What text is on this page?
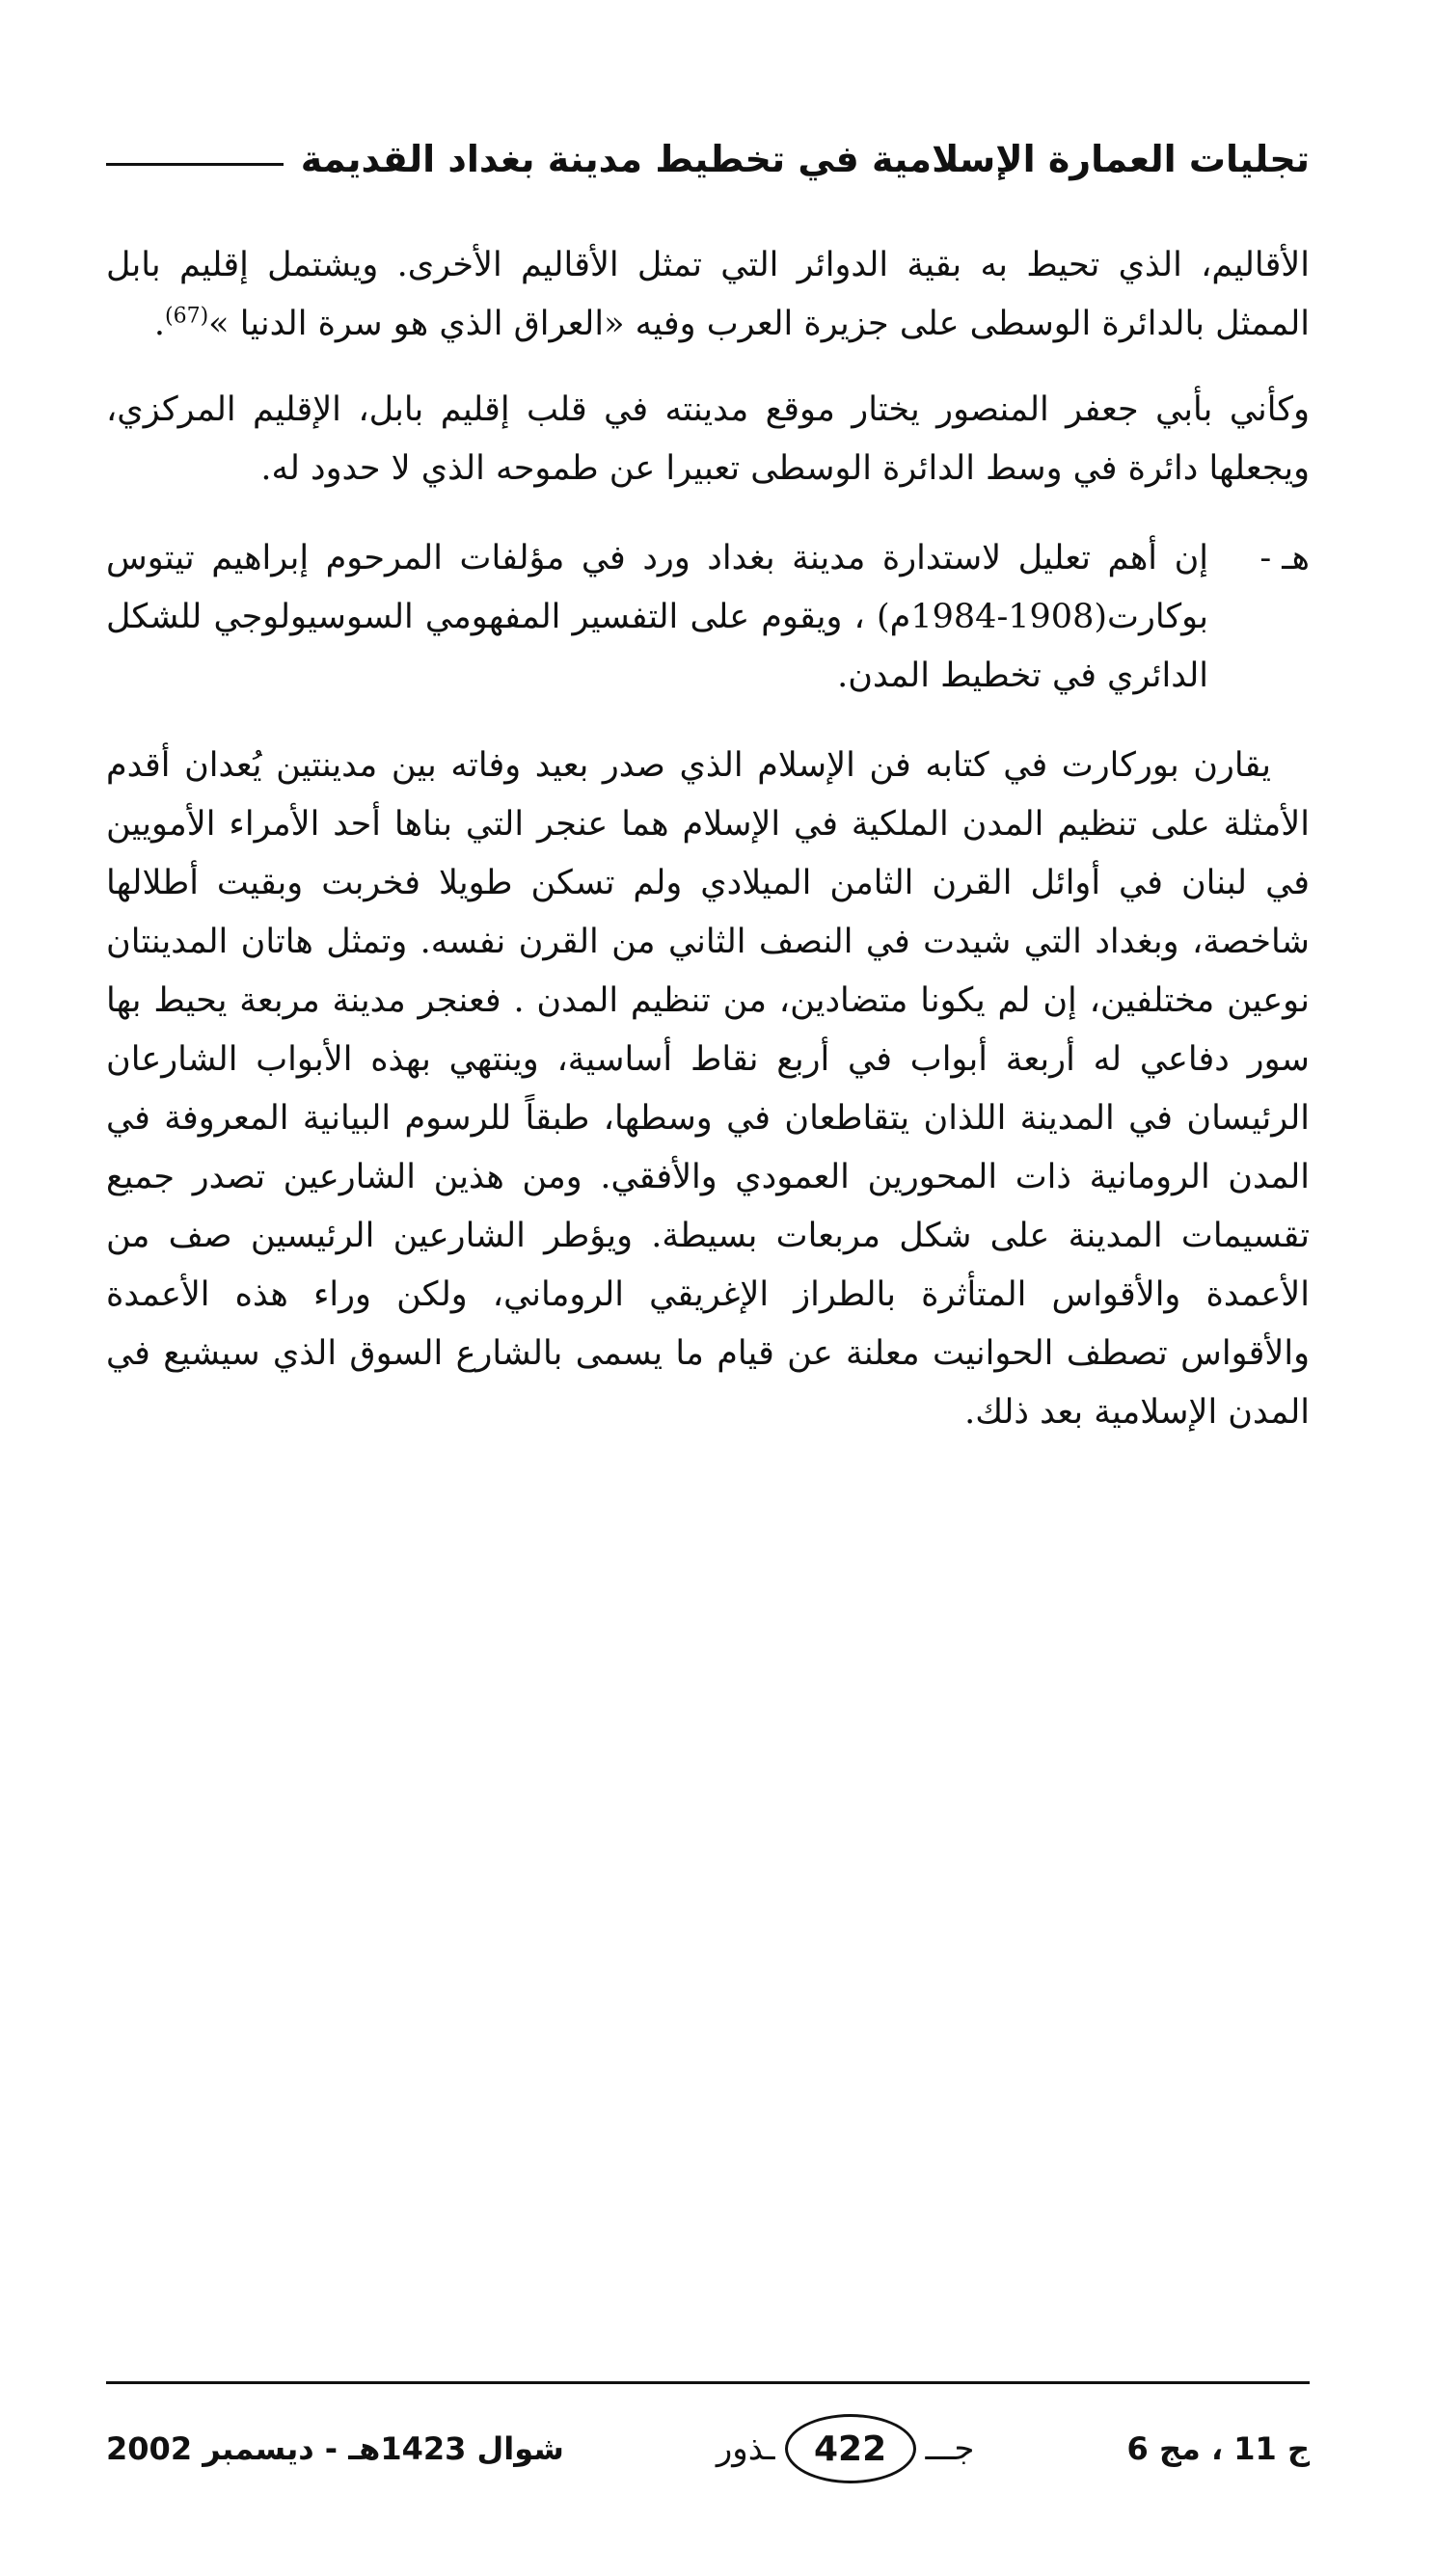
تجليات العمارة الإسلامية في تخطيط مدينة بغداد القديمة

الأقاليم، الذي تحيط به بقية الدوائر التي تمثل الأقاليم الأخرى. ويشتمل إقليم بابل الممثل بالدائرة الوسطى على جزيرة العرب وفيه «العراق الذي هو سرة الدنيا »$^{(67)}$.

وكأني بأبي جعفر المنصور يختار موقع مدينته في قلب إقليم بابل، الإقليم المركزي، ويجعلها دائرة في وسط الدائرة الوسطى تعبيرا عن طموحه الذي لا حدود له.

هـ -

إن أهم تعليل لاستدارة مدينة بغداد ورد في مؤلفات المرحوم إبراهيم تيتوس بوكارت(1908-1984م) ، ويقوم على التفسير المفهومي السوسيولوجي للشكل الدائري في تخطيط المدن.

يقارن بوركارت في كتابه فن الإسلام الذي صدر بعيد وفاته بين مدينتين يُعدان أقدم الأمثلة على تنظيم المدن الملكية في الإسلام هما عنجر التي بناها أحد الأمراء الأمويين في لبنان في أوائل القرن الثامن الميلادي ولم تسكن طويلا فخربت وبقيت أطلالها شاخصة، وبغداد التي شيدت في النصف الثاني من القرن نفسه. وتمثل هاتان المدينتان نوعين مختلفين، إن لم يكونا متضادين، من تنظيم المدن . فعنجر مدينة مربعة يحيط بها سور دفاعي له أربعة أبواب في أربع نقاط أساسية، وينتهي بهذه الأبواب الشارعان الرئيسان في المدينة اللذان يتقاطعان في وسطها، طبقاً للرسوم البيانية المعروفة في المدن الرومانية ذات المحورين العمودي والأفقي. ومن هذين الشارعين تصدر جميع تقسيمات المدينة على شكل مربعات بسيطة. ويؤطر الشارعين الرئيسين صف من الأعمدة والأقواس المتأثرة بالطراز الإغريقي الروماني، ولكن وراء هذه الأعمدة والأقواس تصطف الحوانيت معلنة عن قيام ما يسمى بالشارع السوق الذي سيشيع في المدن الإسلامية بعد ذلك.

ج 11 ، مج 6
جـــ
422
ـذور
شوال 1423هـ - ديسمبر 2002
